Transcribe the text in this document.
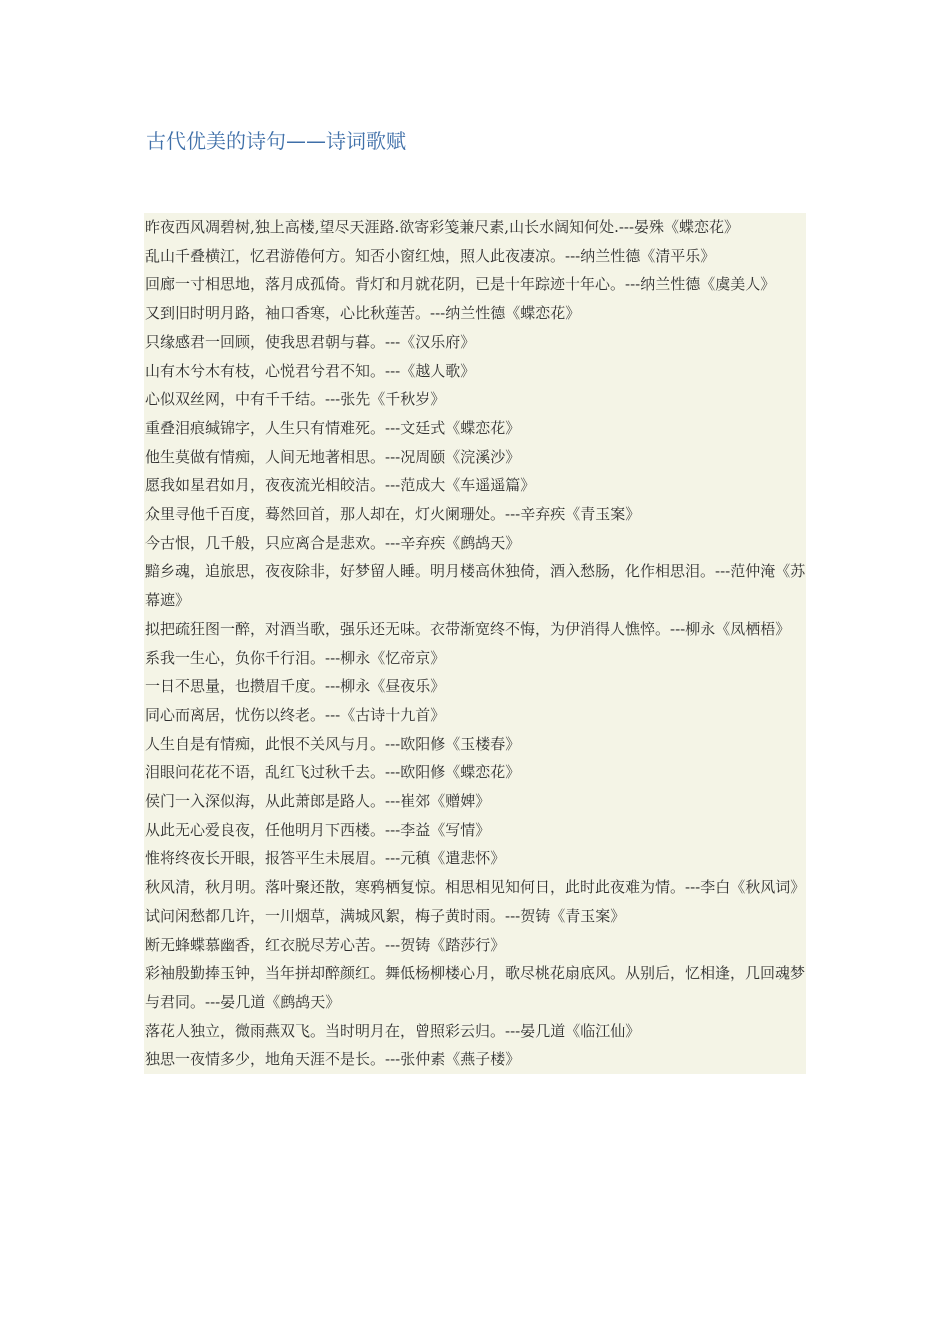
古代优美的诗句——诗词歌赋
昨夜西风凋碧树,独上高楼,望尽天涯路.欲寄彩笺兼尺素,山长水阔知何处.---晏殊《蝶恋花》
乱山千叠横江，忆君游倦何方。知否小窗红烛，照人此夜凄凉。---纳兰性德《清平乐》
回廊一寸相思地，落月成孤倚。背灯和月就花阴，已是十年踪迹十年心。---纳兰性德《虞美人》
又到旧时明月路，袖口香寒，心比秋莲苦。---纳兰性德《蝶恋花》
只缘感君一回顾，使我思君朝与暮。---《汉乐府》
山有木兮木有枝，心悦君兮君不知。---《越人歌》
心似双丝网，中有千千结。---张先《千秋岁》
重叠泪痕缄锦字，人生只有情难死。---文廷式《蝶恋花》
他生莫做有情痴，人间无地著相思。---况周颐《浣溪沙》
愿我如星君如月，夜夜流光相皎洁。---范成大《车遥遥篇》
众里寻他千百度，蓦然回首，那人却在，灯火阑珊处。---辛弃疾《青玉案》
今古恨，几千般，只应离合是悲欢。---辛弃疾《鹧鸪天》
黯乡魂，追旅思，夜夜除非，好梦留人睡。明月楼高休独倚，酒入愁肠，化作相思泪。---范仲淹《苏幕遮》
拟把疏狂图一醉，对酒当歌，强乐还无味。衣带渐宽终不悔，为伊消得人憔悴。---柳永《凤栖梧》
系我一生心，负你千行泪。---柳永《忆帝京》
一日不思量，也攒眉千度。---柳永《昼夜乐》
同心而离居，忧伤以终老。---《古诗十九首》
人生自是有情痴，此恨不关风与月。---欧阳修《玉楼春》
泪眼问花花不语，乱红飞过秋千去。---欧阳修《蝶恋花》
侯门一入深似海，从此萧郎是路人。---崔郊《赠婢》
从此无心爱良夜，任他明月下西楼。---李益《写情》
惟将终夜长开眼，报答平生未展眉。---元稹《遣悲怀》
秋风清，秋月明。落叶聚还散，寒鸦栖复惊。相思相见知何日，此时此夜难为情。---李白《秋风词》
试问闲愁都几许，一川烟草，满城风絮，梅子黄时雨。---贺铸《青玉案》
断无蜂蝶慕幽香，红衣脱尽芳心苦。---贺铸《踏莎行》
彩袖殷勤捧玉钟，当年拼却醉颜红。舞低杨柳楼心月，歌尽桃花扇底风。从别后，忆相逢，几回魂梦与君同。---晏几道《鹧鸪天》
落花人独立，微雨燕双飞。当时明月在，曾照彩云归。---晏几道《临江仙》
独思一夜情多少，地角天涯不是长。---张仲素《燕子楼》
